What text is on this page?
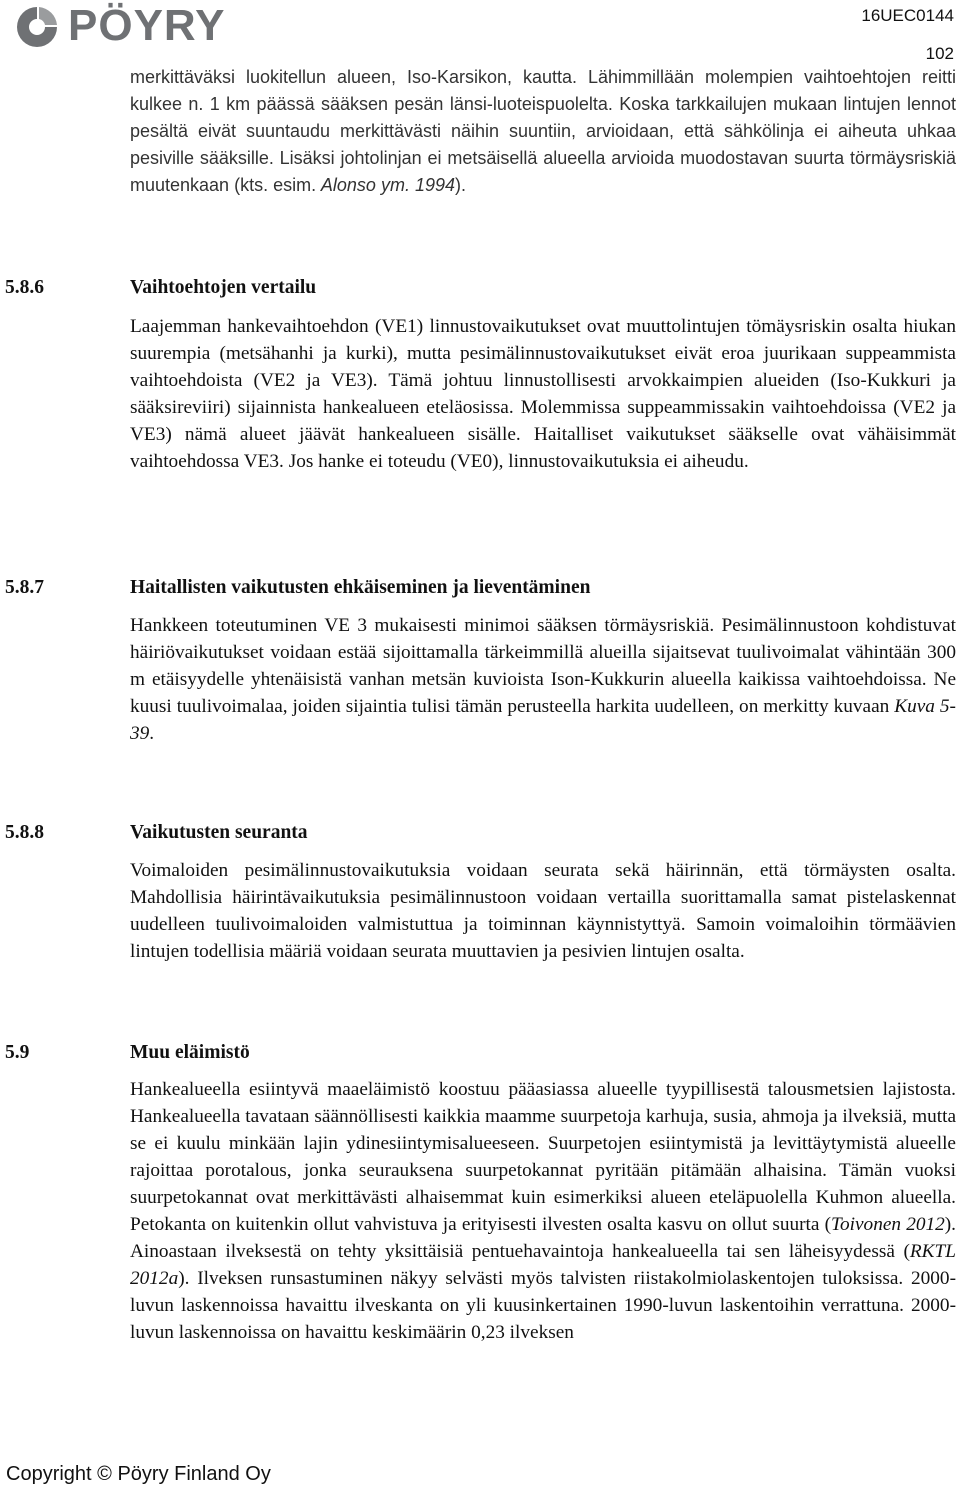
PÖYRY	16UEC0144
102

merkittäväksi luokitellun alueen, Iso-Karsikon, kautta. Lähimmillään molempien vaihtoehtojen reitti kulkee n. 1 km päässä sääksen pesän länsi-luoteispuolelta. Koska tarkkailujen mukaan lintujen lennot pesältä eivät suuntaudu merkittävästi näihin suuntiin, arvioidaan, että sähkölinja ei aiheuta uhkaa pesiville sääksille. Lisäksi johtolinjan ei metsäisellä alueella arvioida muodostavan suurta törmäysriskiä muutenkaan (kts. esim. Alonso ym. 1994).

5.8.6	Vaihtoehtojen vertailu

Laajemman hankevaihtoehdon (VE1) linnustovaikutukset ovat muuttolintujen tömäysriskin osalta hiukan suurempia (metsähanhi ja kurki), mutta pesimälinnustovaikutukset eivät eroa juurikaan suppeammista vaihtoehdoista (VE2 ja VE3). Tämä johtuu linnustollisesti arvokkaimpien alueiden (Iso-Kukkuri ja sääksireviiri) sijainnista hankealueen eteläosissa. Molemmissa suppeammissakin vaihtoehdoissa (VE2 ja VE3) nämä alueet jäävät hankealueen sisälle. Haitalliset vaikutukset sääkselle ovat vähäisimmät vaihtoehdossa VE3. Jos hanke ei toteudu (VE0), linnustovaikutuksia ei aiheudu.

5.8.7	Haitallisten vaikutusten ehkäiseminen ja lieventäminen

Hankkeen toteutuminen VE 3 mukaisesti minimoi sääksen törmäysriskiä. Pesimälinnustoon kohdistuvat häiriövaikutukset voidaan estää sijoittamalla tärkeimmillä alueilla sijaitsevat tuulivoimalat vähintään 300 m etäisyydelle yhtenäisistä vanhan metsän kuvioista Ison-Kukkurin alueella kaikissa vaihtoehdoissa. Ne kuusi tuulivoimalaa, joiden sijaintia tulisi tämän perusteella harkita uudelleen, on merkitty kuvaan Kuva 5-39.

5.8.8	Vaikutusten seuranta

Voimaloiden pesimälinnustovaikutuksia voidaan seurata sekä häirinnän, että törmäysten osalta. Mahdollisia häirintävaikutuksia pesimälinnustoon voidaan vertailla suorittamalla samat pistelaskennat uudelleen tuulivoimaloiden valmistuttua ja toiminnan käynnistyttyä. Samoin voimaloihin törmäävien lintujen todellisia määriä voidaan seurata muuttavien ja pesivien lintujen osalta.

5.9	Muu eläimistö

Hankealueella esiintyvä maaeläimistö koostuu pääasiassa alueelle tyypillisestä talousmetsien lajistosta. Hankealueella tavataan säännöllisesti kaikkia maamme suurpetoja karhuja, susia, ahmoja ja ilveksiä, mutta se ei kuulu minkään lajin ydinesiintymisalueeseen. Suurpetojen esiintymistä ja levittäytymistä alueelle rajoittaa porotalous, jonka seurauksena suurpetokannat pyritään pitämään alhaisina. Tämän vuoksi suurpetokannat ovat merkittävästi alhaisemmat kuin esimerkiksi alueen eteläpuolella Kuhmon alueella. Petokanta on kuitenkin ollut vahvistuva ja erityisesti ilvesten osalta kasvu on ollut suurta (Toivonen 2012). Ainoastaan ilveksestä on tehty yksittäisiä pentuehavaintoja hankealueella tai sen läheisyydessä (RKTL 2012a). Ilveksen runsastuminen näkyy selvästi myös talvisten riistakolmiolaskentojen tuloksissa. 2000-luvun laskennoissa havaittu ilveskanta on yli kuusinkertainen 1990-luvun laskentoihin verrattuna. 2000-luvun laskennoissa on havaittu keskimäärin 0,23 ilveksen

Copyright © Pöyry Finland Oy
